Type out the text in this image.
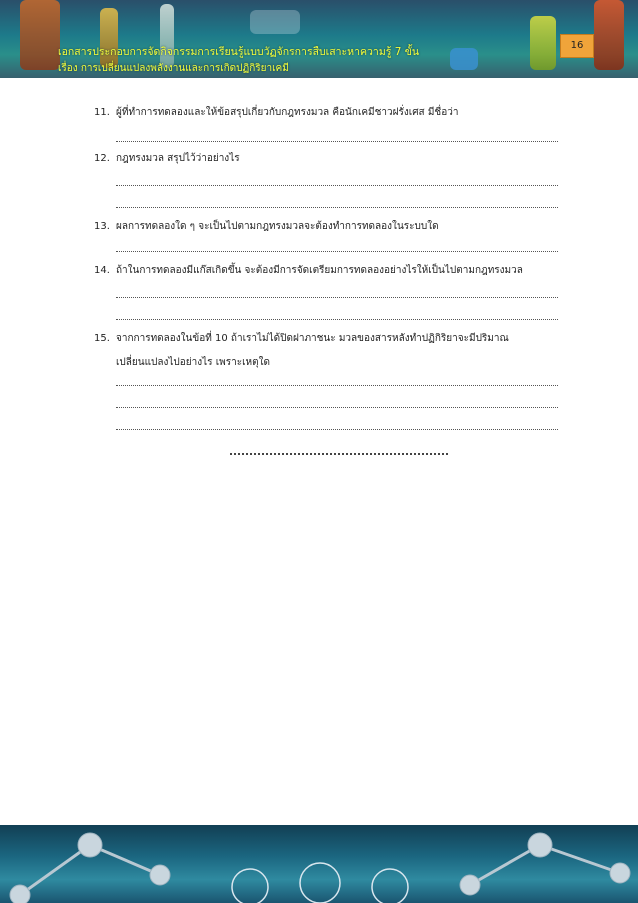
เอกสารประกอบการจัดกิจกรรมการเรียนรู้แบบวัฏจักรการสืบเสาะหาความรู้ 7 ขั้น
เรื่อง การเปลี่ยนแปลงพลังงานและการเกิดปฏิกิริยาเคมี
16
11. ผู้ที่ทำการทดลองและให้ข้อสรุปเกี่ยวกับกฎทรงมวล คือนักเคมีชาวฝรั่งเศส มีชื่อว่า
12. กฎทรงมวล สรุปไว้ว่าอย่างไร
13. ผลการทดลองใด ๆ จะเป็นไปตามกฎทรงมวลจะต้องทำการทดลองในระบบใด
14. ถ้าในการทดลองมีแก๊สเกิดขึ้น จะต้องมีการจัดเตรียมการทดลองอย่างไรให้เป็นไปตามกฎทรงมวล
15. จากการทดลองในข้อที่ 10 ถ้าเราไม่ได้ปิดฝาภาชนะ มวลของสารหลังทำปฏิกิริยาจะมีปริมาณ
เปลี่ยนแปลงไปอย่างไร เพราะเหตุใด
